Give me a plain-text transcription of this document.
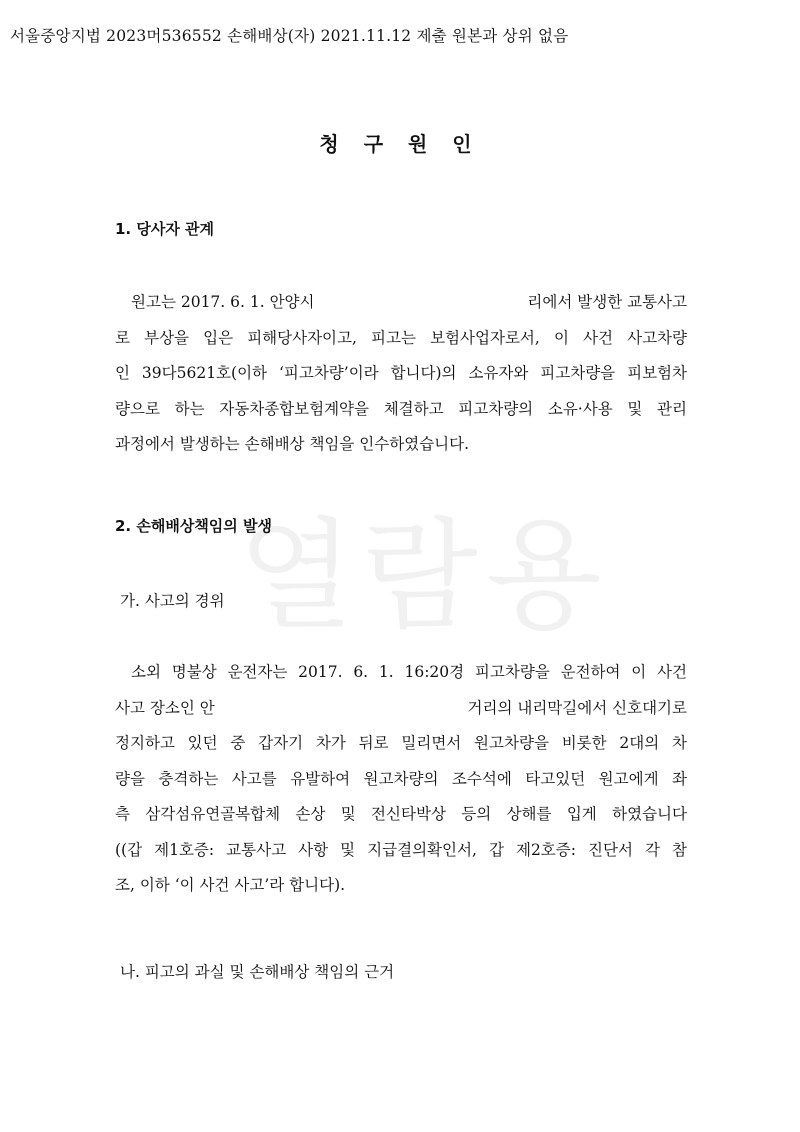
열람용
서울중앙지법 2023머536552 손해배상(자) 2021.11.12 제출 원본과 상위 없음
청 구 원 인
1. 당사자 관계
원고는 2017. 6. 1. 안양시	리에서 발생한 교통사고
로 부상을 입은 피해당사자이고, 피고는 보험사업자로서, 이 사건 사고차량
인 39다5621호(이하 ‘피고차량’이라 합니다)의 소유자와 피고차량을 피보험차
량으로 하는 자동차종합보험계약을 체결하고 피고차량의 소유·사용 및 관리
과정에서 발생하는 손해배상 책임을 인수하였습니다.
2. 손해배상책임의 발생
가. 사고의 경위
소외 명불상 운전자는 2017. 6. 1. 16:20경 피고차량을 운전하여 이 사건
사고 장소인 안	거리의 내리막길에서 신호대기로
정지하고 있던 중 갑자기 차가 뒤로 밀리면서 원고차량을 비롯한 2대의 차
량을 충격하는 사고를 유발하여 원고차량의 조수석에 타고있던 원고에게 좌
측 삼각섬유연골복합체 손상 및 전신타박상 등의 상해를 입게 하였습니다
((갑 제1호증: 교통사고 사항 및 지급결의확인서, 갑 제2호증: 진단서 각 참
조, 이하 ‘이 사건 사고’라 합니다).
나. 피고의 과실 및 손해배상 책임의 근거
